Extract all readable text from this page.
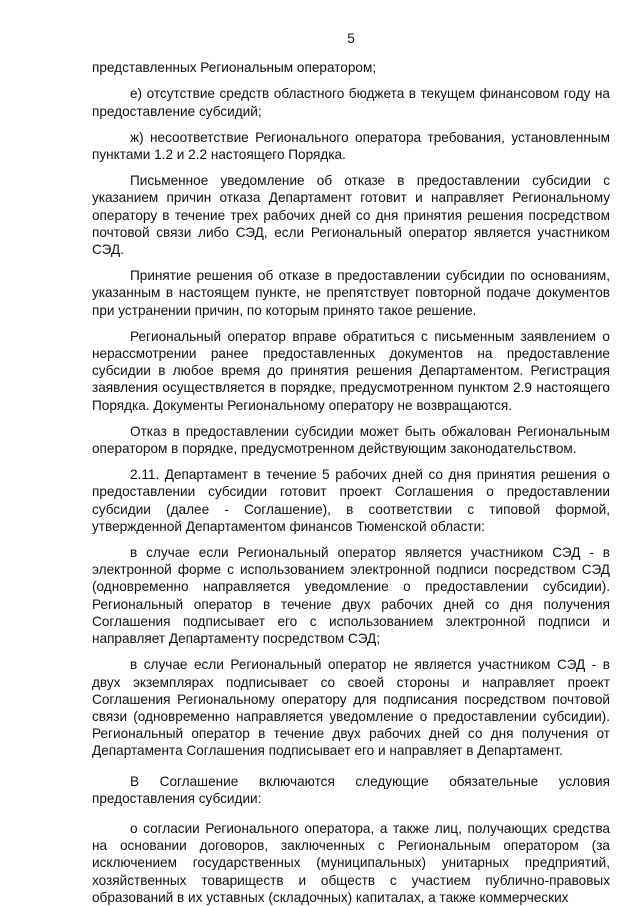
5

представленных Региональным оператором;

е) отсутствие средств областного бюджета в текущем финансовом году на предоставление субсидий;

ж) несоответствие Регионального оператора требования, установленным пунктами 1.2 и 2.2 настоящего Порядка.

Письменное уведомление об отказе в предоставлении субсидии с указанием причин отказа Департамент готовит и направляет Региональному оператору в течение трех рабочих дней со дня принятия решения посредством почтовой связи либо СЭД, если Региональный оператор является участником СЭД.

Принятие решения об отказе в предоставлении субсидии по основаниям, указанным в настоящем пункте, не препятствует повторной подаче документов при устранении причин, по которым принято такое решение.

Региональный оператор вправе обратиться с письменным заявлением о нерассмотрении ранее предоставленных документов на предоставление субсидии в любое время до принятия решения Департаментом. Регистрация заявления осуществляется в порядке, предусмотренном пунктом 2.9 настоящего Порядка. Документы Региональному оператору не возвращаются.

Отказ в предоставлении субсидии может быть обжалован Региональным оператором в порядке, предусмотренном действующим законодательством.

2.11. Департамент в течение 5 рабочих дней со дня принятия решения о предоставлении субсидии готовит проект Соглашения о предоставлении субсидии (далее - Соглашение), в соответствии с типовой формой, утвержденной Департаментом финансов Тюменской области:

в случае если Региональный оператор является участником СЭД - в электронной форме с использованием электронной подписи посредством СЭД (одновременно направляется уведомление о предоставлении субсидии). Региональный оператор в течение двух рабочих дней со дня получения Соглашения подписывает его с использованием электронной подписи и направляет Департаменту посредством СЭД;

в случае если Региональный оператор не является участником СЭД - в двух экземплярах подписывает со своей стороны и направляет проект Соглашения Региональному оператору для подписания посредством почтовой связи (одновременно направляется уведомление о предоставлении субсидии). Региональный оператор в течение двух рабочих дней со дня получения от Департамента Соглашения подписывает его и направляет в Департамент.

В Соглашение включаются следующие обязательные условия предоставления субсидии:

о согласии Регионального оператора, а также лиц, получающих средства на основании договоров, заключенных с Региональным оператором (за исключением государственных (муниципальных) унитарных предприятий, хозяйственных товариществ и обществ с участием публично-правовых образований в их уставных (складочных) капиталах, а также коммерческих
